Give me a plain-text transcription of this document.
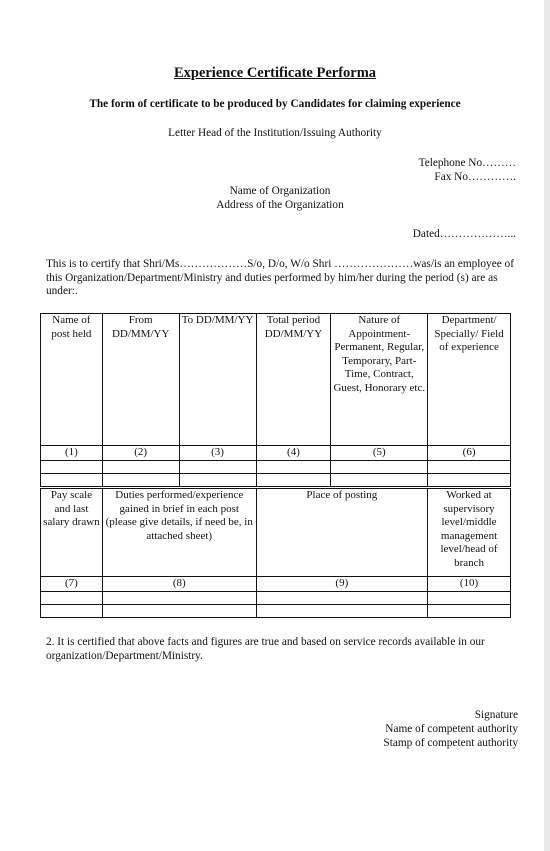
Experience Certificate Performa
The form of certificate to be produced by Candidates for claiming experience
Letter Head of the Institution/Issuing Authority
Telephone No………
Fax No………….
Name of Organization
Address of the Organization
Dated………………...
This is to certify that Shri/Ms………………S/o, D/o, W/o Shri …………………was/is an employee of this Organization/Department/Ministry and duties performed by him/her during the period (s) are as under:.
Name of post held	From DD/MM/YY	To DD/MM/YY	Total period DD/MM/YY	Nature of Appointment-Permanent, Regular, Temporary, Part-Time, Contract, Guest, Honorary etc.	Department/ Specially/ Field of experience
(1)	(2)	(3)	(4)	(5)	(6)

Pay scale and last salary drawn	Duties performed/experience gained in brief in each post (please give details, if need be, in attached sheet)	Place of posting	Worked at supervisory level/middle management level/head of branch
(7)	(8)	(9)	(10)

2. It is certified that above facts and figures are true and based on service records available in our organization/Department/Ministry.
Signature
Name of competent authority
Stamp of competent authority
